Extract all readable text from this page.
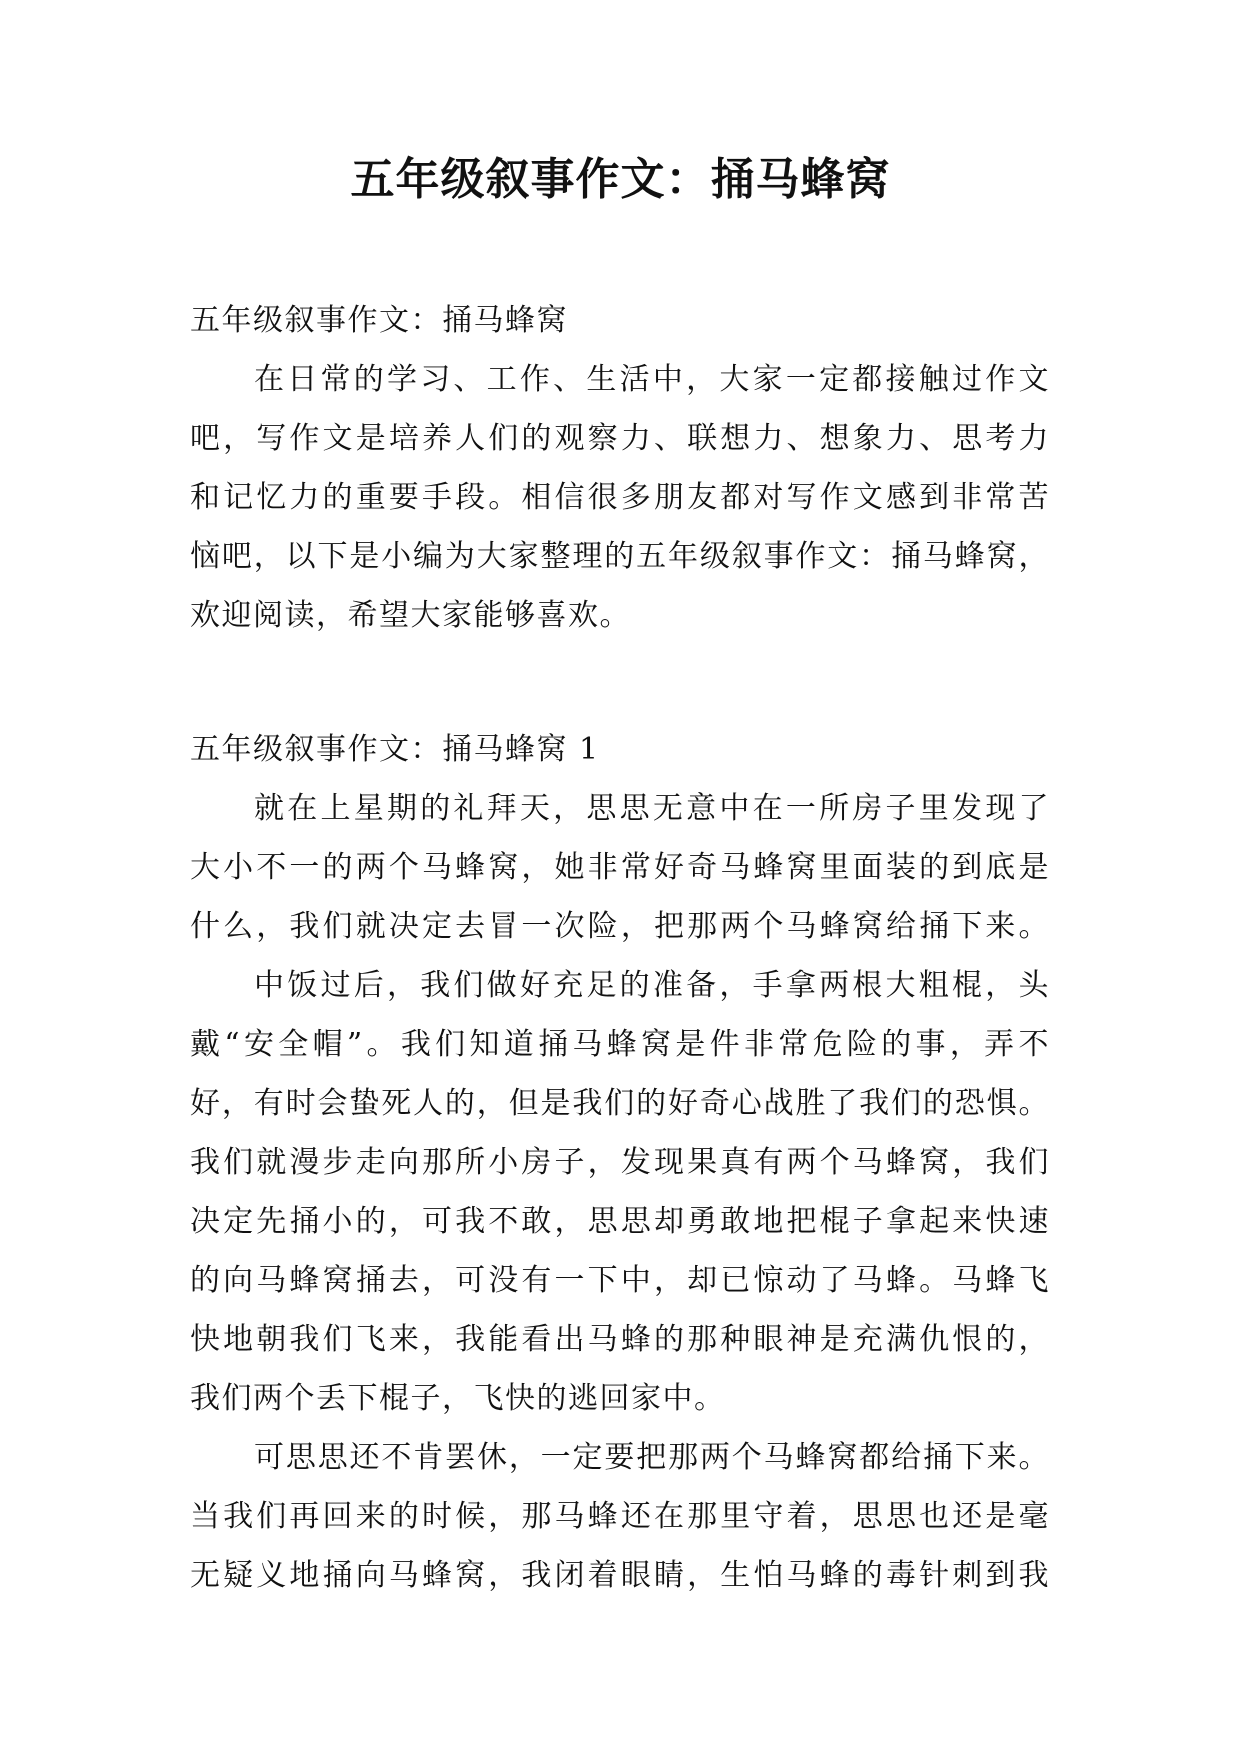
五年级叙事作文：捅马蜂窝
五年级叙事作文：捅马蜂窝
在日常的学习、工作、生活中，大家一定都接触过作文
吧，写作文是培养人们的观察力、联想力、想象力、思考力
和记忆力的重要手段。相信很多朋友都对写作文感到非常苦
恼吧，以下是小编为大家整理的五年级叙事作文：捅马蜂窝，
欢迎阅读，希望大家能够喜欢。
五年级叙事作文：捅马蜂窝 1
就在上星期的礼拜天，思思无意中在一所房子里发现了
大小不一的两个马蜂窝，她非常好奇马蜂窝里面装的到底是
什么，我们就决定去冒一次险，把那两个马蜂窝给捅下来。
中饭过后，我们做好充足的准备，手拿两根大粗棍，头
戴“安全帽”。我们知道捅马蜂窝是件非常危险的事，弄不
好，有时会蛰死人的，但是我们的好奇心战胜了我们的恐惧。
我们就漫步走向那所小房子，发现果真有两个马蜂窝，我们
决定先捅小的，可我不敢，思思却勇敢地把棍子拿起来快速
的向马蜂窝捅去，可没有一下中，却已惊动了马蜂。马蜂飞
快地朝我们飞来，我能看出马蜂的那种眼神是充满仇恨的，
我们两个丢下棍子，飞快的逃回家中。
可思思还不肯罢休，一定要把那两个马蜂窝都给捅下来。
当我们再回来的时候，那马蜂还在那里守着，思思也还是毫
无疑义地捅向马蜂窝，我闭着眼睛，生怕马蜂的毒针刺到我
